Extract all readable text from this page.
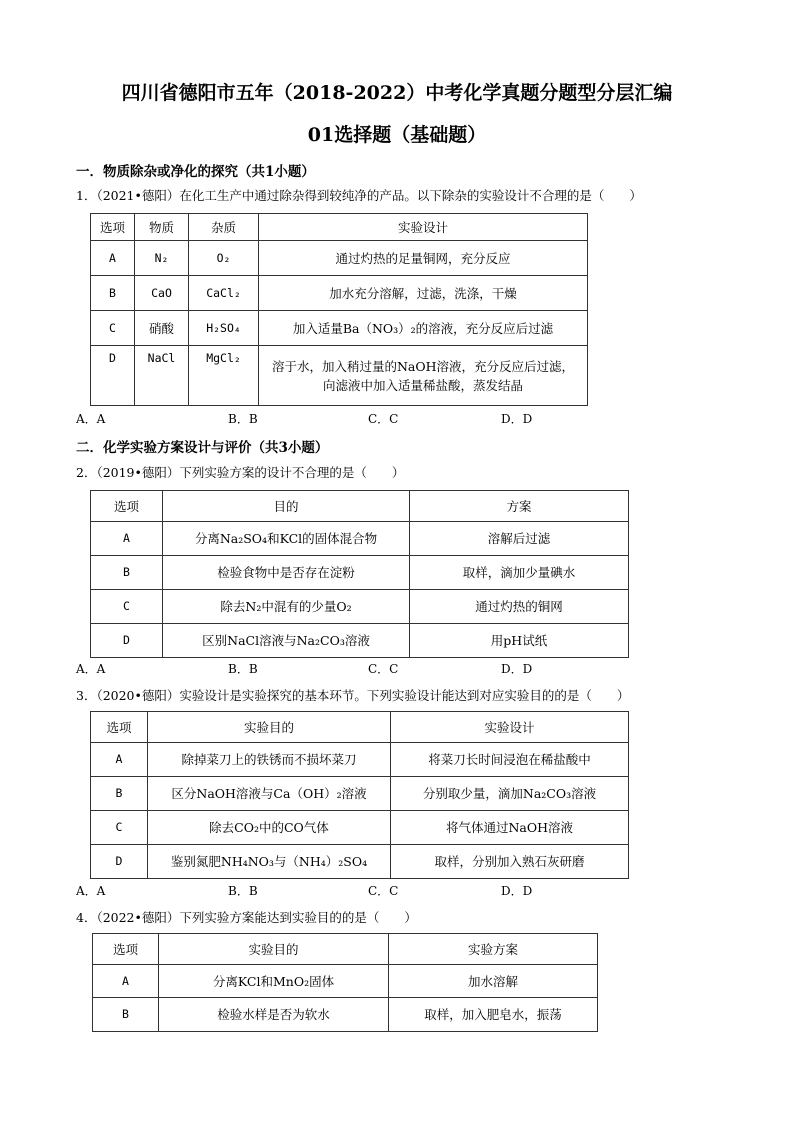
四川省德阳市五年（2018-2022）中考化学真题分题型分层汇编
01选择题（基础题）
一．物质除杂或净化的探究（共1小题）
1．（2021•德阳）在化工生产中通过除杂得到较纯净的产品。以下除杂的实验设计不合理的是（　　）
选项	物质	杂质	实验设计
A	N₂	O₂	通过灼热的足量铜网，充分反应
B	CaO	CaCl₂	加水充分溶解，过滤，洗涤，干燥
C	硝酸	H₂SO₄	加入适量Ba（NO₃）₂的溶液，充分反应后过滤
D	NaCl	MgCl₂	溶于水，加入稍过量的NaOH溶液，充分反应后过滤，
向滤液中加入适量稀盐酸，蒸发结晶
A．A	B．B	C．C	D．D
二．化学实验方案设计与评价（共3小题）
2．（2019•德阳）下列实验方案的设计不合理的是（　　）
选项	目的	方案
A	分离Na₂SO₄和KCl的固体混合物	溶解后过滤
B	检验食物中是否存在淀粉	取样，滴加少量碘水
C	除去N₂中混有的少量O₂	通过灼热的铜网
D	区别NaCl溶液与Na₂CO₃溶液	用pH试纸
A．A	B．B	C．C	D．D
3．（2020•德阳）实验设计是实验探究的基本环节。下列实验设计能达到对应实验目的的是（　　）
选项	实验目的	实验设计
A	除掉菜刀上的铁锈而不损坏菜刀	将菜刀长时间浸泡在稀盐酸中
B	区分NaOH溶液与Ca（OH）₂溶液	分别取少量，滴加Na₂CO₃溶液
C	除去CO₂中的CO气体	将气体通过NaOH溶液
D	鉴别氮肥NH₄NO₃与（NH₄）₂SO₄	取样，分别加入熟石灰研磨
A．A	B．B	C．C	D．D
4．（2022•德阳）下列实验方案能达到实验目的的是（　　）
选项	实验目的	实验方案
A	分离KCl和MnO₂固体	加水溶解
B	检验水样是否为软水	取样，加入肥皂水，振荡
